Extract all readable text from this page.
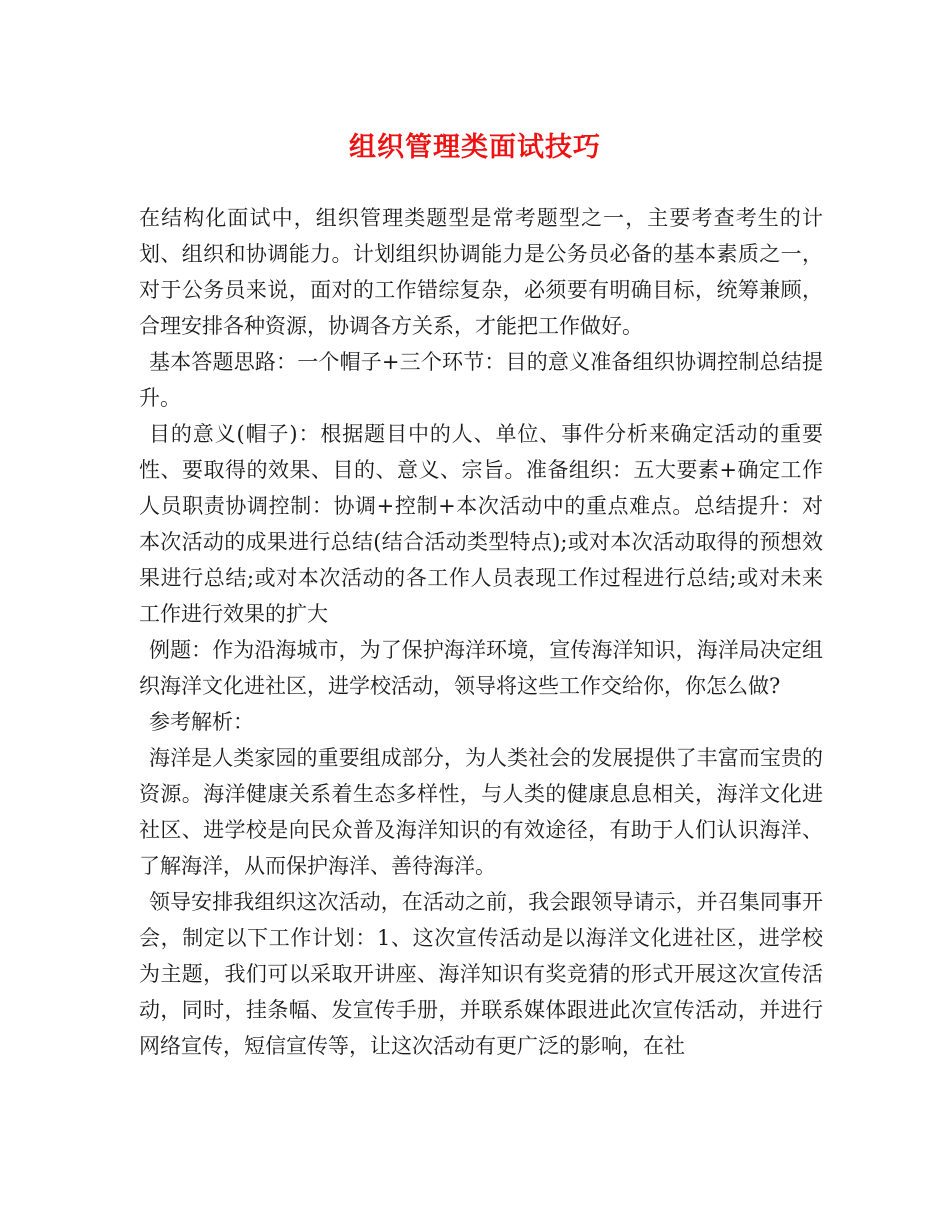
组织管理类面试技巧

在结构化面试中，组织管理类题型是常考题型之一，主要考查考生的计划、组织和协调能力。计划组织协调能力是公务员必备的基本素质之一，对于公务员来说，面对的工作错综复杂，必须要有明确目标，统筹兼顾，合理安排各种资源，协调各方关系，才能把工作做好。

基本答题思路：一个帽子+三个环节：目的意义准备组织协调控制总结提升。

目的意义(帽子)：根据题目中的人、单位、事件分析来确定活动的重要性、要取得的效果、目的、意义、宗旨。准备组织：五大要素+确定工作人员职责协调控制：协调+控制+本次活动中的重点难点。总结提升：对本次活动的成果进行总结(结合活动类型特点);或对本次活动取得的预想效果进行总结;或对本次活动的各工作人员表现工作过程进行总结;或对未来工作进行效果的扩大

例题：作为沿海城市，为了保护海洋环境，宣传海洋知识，海洋局决定组织海洋文化进社区，进学校活动，领导将这些工作交给你，你怎么做?

参考解析：

海洋是人类家园的重要组成部分，为人类社会的发展提供了丰富而宝贵的资源。海洋健康关系着生态多样性，与人类的健康息息相关，海洋文化进社区、进学校是向民众普及海洋知识的有效途径，有助于人们认识海洋、了解海洋，从而保护海洋、善待海洋。

领导安排我组织这次活动，在活动之前，我会跟领导请示，并召集同事开会，制定以下工作计划：1、这次宣传活动是以海洋文化进社区，进学校为主题，我们可以采取开讲座、海洋知识有奖竞猜的形式开展这次宣传活动，同时，挂条幅、发宣传手册，并联系媒体跟进此次宣传活动，并进行网络宣传，短信宣传等，让这次活动有更广泛的影响，在社
